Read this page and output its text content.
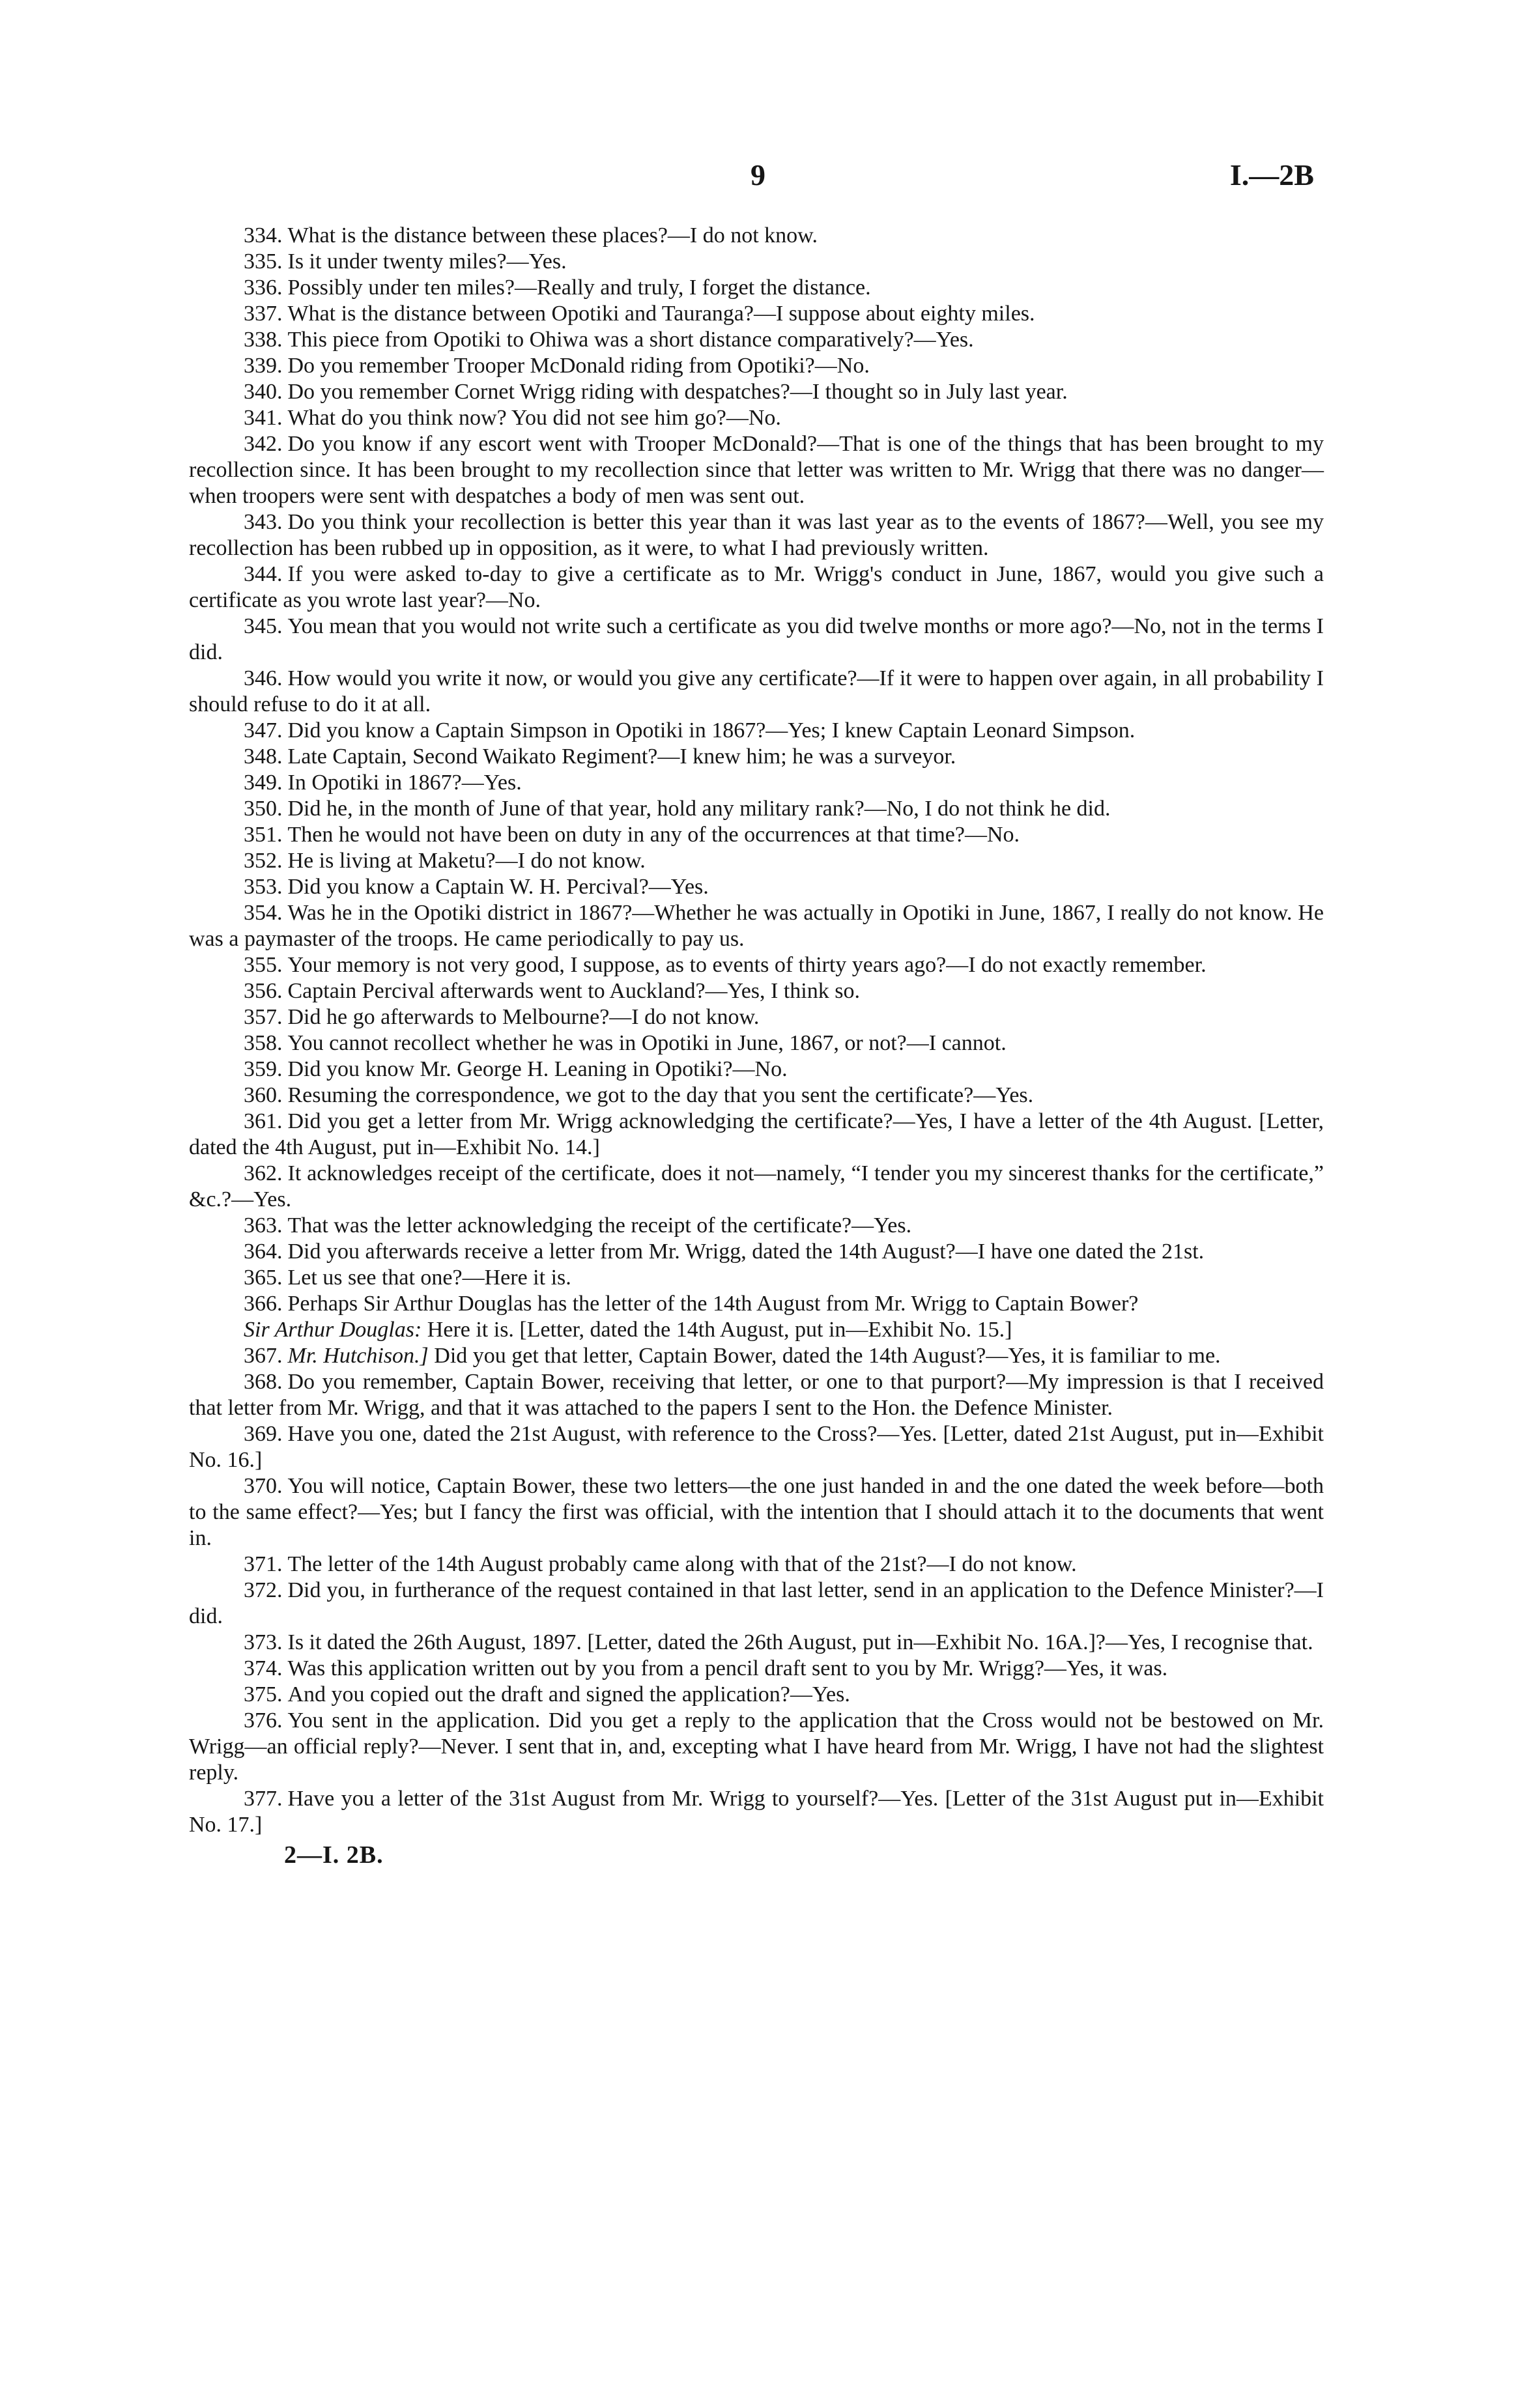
9	I.—2B

334. What is the distance between these places?—I do not know.

335. Is it under twenty miles?—Yes.

336. Possibly under ten miles?—Really and truly, I forget the distance.

337. What is the distance between Opotiki and Tauranga?—I suppose about eighty miles.

338. This piece from Opotiki to Ohiwa was a short distance comparatively?—Yes.

339. Do you remember Trooper McDonald riding from Opotiki?—No.

340. Do you remember Cornet Wrigg riding with despatches?—I thought so in July last year.

341. What do you think now? You did not see him go?—No.

342. Do you know if any escort went with Trooper McDonald?—That is one of the things that has been brought to my recollection since. It has been brought to my recollection since that letter was written to Mr. Wrigg that there was no danger—when troopers were sent with despatches a body of men was sent out.

343. Do you think your recollection is better this year than it was last year as to the events of 1867?—Well, you see my recollection has been rubbed up in opposition, as it were, to what I had previously written.

344. If you were asked to-day to give a certificate as to Mr. Wrigg's conduct in June, 1867, would you give such a certificate as you wrote last year?—No.

345. You mean that you would not write such a certificate as you did twelve months or more ago?—No, not in the terms I did.

346. How would you write it now, or would you give any certificate?—If it were to happen over again, in all probability I should refuse to do it at all.

347. Did you know a Captain Simpson in Opotiki in 1867?—Yes; I knew Captain Leonard Simpson.

348. Late Captain, Second Waikato Regiment?—I knew him; he was a surveyor.

349. In Opotiki in 1867?—Yes.

350. Did he, in the month of June of that year, hold any military rank?—No, I do not think he did.

351. Then he would not have been on duty in any of the occurrences at that time?—No.

352. He is living at Maketu?—I do not know.

353. Did you know a Captain W. H. Percival?—Yes.

354. Was he in the Opotiki district in 1867?—Whether he was actually in Opotiki in June, 1867, I really do not know. He was a paymaster of the troops. He came periodically to pay us.

355. Your memory is not very good, I suppose, as to events of thirty years ago?—I do not exactly remember.

356. Captain Percival afterwards went to Auckland?—Yes, I think so.

357. Did he go afterwards to Melbourne?—I do not know.

358. You cannot recollect whether he was in Opotiki in June, 1867, or not?—I cannot.

359. Did you know Mr. George H. Leaning in Opotiki?—No.

360. Resuming the correspondence, we got to the day that you sent the certificate?—Yes.

361. Did you get a letter from Mr. Wrigg acknowledging the certificate?—Yes, I have a letter of the 4th August. [Letter, dated the 4th August, put in—Exhibit No. 14.]

362. It acknowledges receipt of the certificate, does it not—namely, “I tender you my sincerest thanks for the certificate,” &c.?—Yes.

363. That was the letter acknowledging the receipt of the certificate?—Yes.

364. Did you afterwards receive a letter from Mr. Wrigg, dated the 14th August?—I have one dated the 21st.

365. Let us see that one?—Here it is.

366. Perhaps Sir Arthur Douglas has the letter of the 14th August from Mr. Wrigg to Captain Bower?

Sir Arthur Douglas: Here it is. [Letter, dated the 14th August, put in—Exhibit No. 15.]

367. Mr. Hutchison.] Did you get that letter, Captain Bower, dated the 14th August?—Yes, it is familiar to me.

368. Do you remember, Captain Bower, receiving that letter, or one to that purport?—My impression is that I received that letter from Mr. Wrigg, and that it was attached to the papers I sent to the Hon. the Defence Minister.

369. Have you one, dated the 21st August, with reference to the Cross?—Yes. [Letter, dated 21st August, put in—Exhibit No. 16.]

370. You will notice, Captain Bower, these two letters—the one just handed in and the one dated the week before—both to the same effect?—Yes; but I fancy the first was official, with the intention that I should attach it to the documents that went in.

371. The letter of the 14th August probably came along with that of the 21st?—I do not know.

372. Did you, in furtherance of the request contained in that last letter, send in an application to the Defence Minister?—I did.

373. Is it dated the 26th August, 1897. [Letter, dated the 26th August, put in—Exhibit No. 16A.]?—Yes, I recognise that.

374. Was this application written out by you from a pencil draft sent to you by Mr. Wrigg?—Yes, it was.

375. And you copied out the draft and signed the application?—Yes.

376. You sent in the application. Did you get a reply to the application that the Cross would not be bestowed on Mr. Wrigg—an official reply?—Never. I sent that in, and, excepting what I have heard from Mr. Wrigg, I have not had the slightest reply.

377. Have you a letter of the 31st August from Mr. Wrigg to yourself?—Yes. [Letter of the 31st August put in—Exhibit No. 17.]

2—I. 2B.
